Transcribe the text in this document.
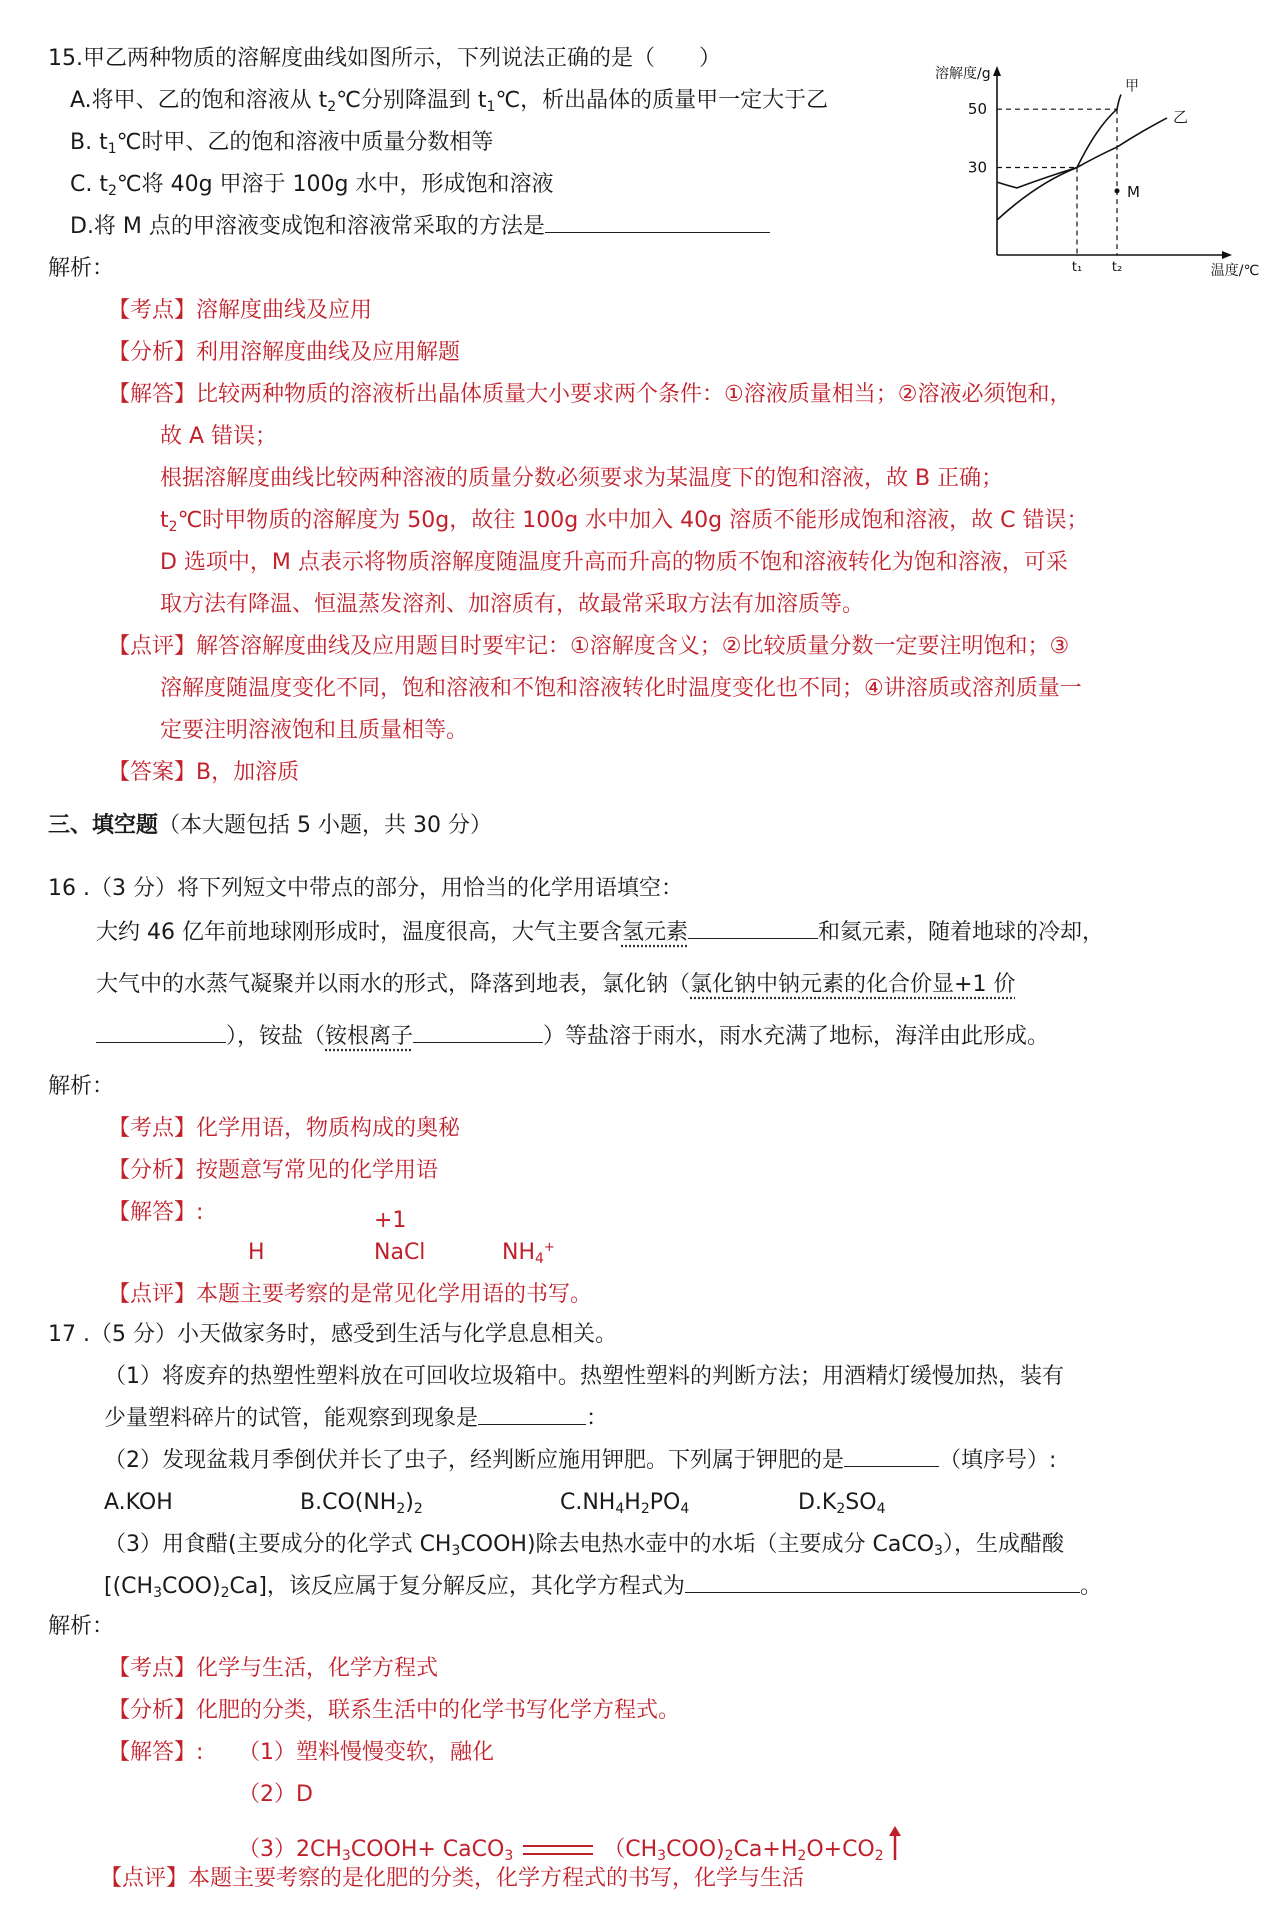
15.甲乙两种物质的溶解度曲线如图所示，下列说法正确的是（　　）
A.将甲、乙的饱和溶液从 $t_2℃$分别降温到 $t_1℃$，析出晶体的质量甲一定大于乙
B. $t_1℃$时甲、乙的饱和溶液中质量分数相等
C. $t_2℃$将 40g 甲溶于 100g 水中，形成饱和溶液
D.将 M 点的甲溶液变成饱和溶液常采取的方法是
溶解度/g
温度/℃
30
50
t₁ t₂
甲
乙
M
解析：
【考点】溶解度曲线及应用
【分析】利用溶解度曲线及应用解题
【解答】比较两种物质的溶液析出晶体质量大小要求两个条件：①溶液质量相当；②溶液必须饱和，
故 A 错误；
根据溶解度曲线比较两种溶液的质量分数必须要求为某温度下的饱和溶液，故 B 正确；
$t_2℃$时甲物质的溶解度为 50g，故往 100g 水中加入 40g 溶质不能形成饱和溶液，故 C 错误；
D 选项中，M 点表示将物质溶解度随温度升高而升高的物质不饱和溶液转化为饱和溶液，可采
取方法有降温、恒温蒸发溶剂、加溶质有，故最常采取方法有加溶质等。
【点评】解答溶解度曲线及应用题目时要牢记：①溶解度含义；②比较质量分数一定要注明饱和；③
溶解度随温度变化不同，饱和溶液和不饱和溶液转化时温度变化也不同；④讲溶质或溶剂质量一
定要注明溶液饱和且质量相等。
【答案】B，加溶质
三、填空题（本大题包括 5 小题，共 30 分）
16 .（3 分）将下列短文中带点的部分，用恰当的化学用语填空：
大约 46 亿年前地球刚形成时，温度很高，大气主要含氢元素	和氦元素，随着地球的冷却，
大气中的水蒸气凝聚并以雨水的形式，降落到地表，氯化钠（氯化钠中钠元素的化合价显+1 价
），铵盐（铵根离子	）等盐溶于雨水，雨水充满了地标，海洋由此形成。
解析：
【考点】化学用语，物质构成的奥秘
【分析】按题意写常见的化学用语
【解答】:	+1
H	NaCl	$NH_4^+$
【点评】本题主要考察的是常见化学用语的书写。
17 .（5 分）小天做家务时，感受到生活与化学息息相关。
（1）将废弃的热塑性塑料放在可回收垃圾箱中。热塑性塑料的判断方法；用酒精灯缓慢加热，装有
少量塑料碎片的试管，能观察到现象是	：
（2）发现盆栽月季倒伏并长了虫子，经判断应施用钾肥。下列属于钾肥的是	（填序号）:
A.KOH	$B.CO(NH_2)_2$	$C.NH_4H_2PO_4$	$D.K_2SO_4$
（3）用食醋(主要成分的化学式 $CH_3COOH$)除去电热水壶中的水垢（主要成分 CaCO$_3$），生成醋酸
$[(CH_3COO)_2Ca]$，该反应属于复分解反应，其化学方程式为	。
解析：
【考点】化学与生活，化学方程式
【分析】化肥的分类，联系生活中的化学书写化学方程式。
【解答】: （1）塑料慢慢变软，融化
（2）D
$(3)2CH_3COOH+$ CaCO$_3$	$(CH_3COO)_2Ca+H_2O+CO_2$
【点评】本题主要考察的是化肥的分类，化学方程式的书写，化学与生活
